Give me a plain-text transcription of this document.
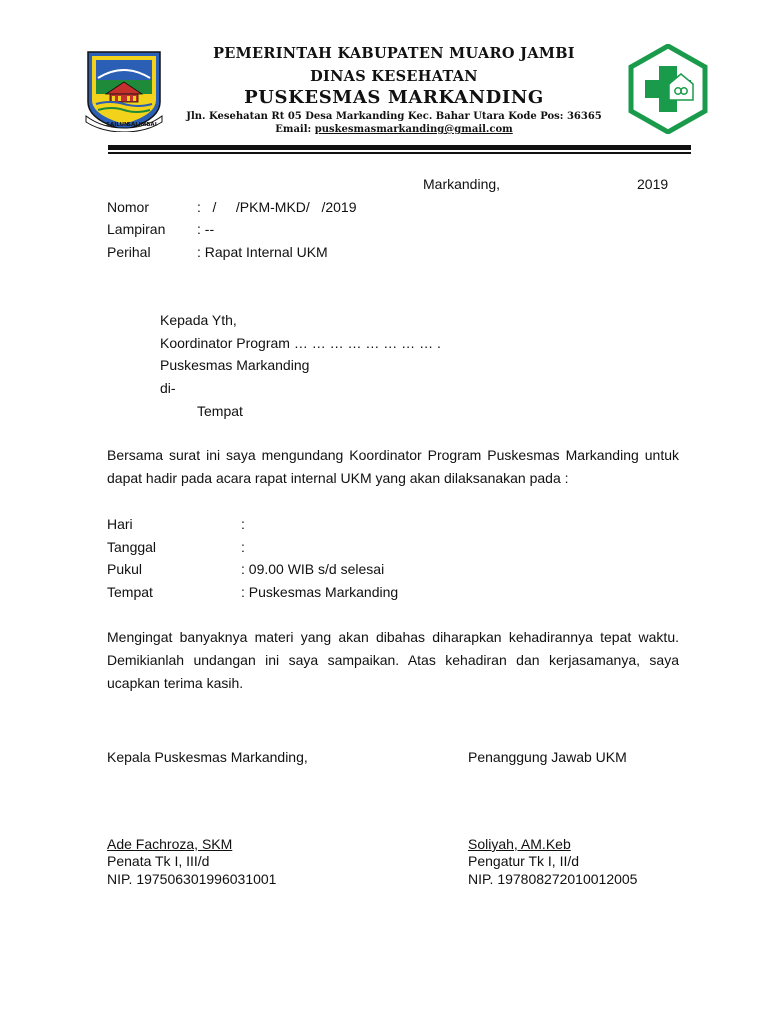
SAILUN
SALIMBAI
PEMERINTAH KABUPATEN MUARO JAMBI
DINAS KESEHATAN
PUSKESMAS MARKANDING
Jln. Kesehatan Rt 05 Desa Markanding Kec. Bahar Utara Kode Pos: 36365
Email: puskesmasmarkanding@gmail.com
Markanding,	2019
Nomor	:   /     /PKM-MKD/   /2019
Lampiran : --
Perihal	: Rapat Internal UKM
Kepada Yth,
Koordinator Program … … … … … … … … .
Puskesmas Markanding
di-
Tempat
Bersama surat ini saya mengundang Koordinator Program Puskesmas Markanding untuk dapat hadir pada acara rapat internal UKM yang akan dilaksanakan pada :
Hari	:
Tanggal	:
Pukul	: 09.00 WIB s/d selesai
Tempat	: Puskesmas Markanding
Mengingat banyaknya materi yang akan dibahas diharapkan kehadirannya tepat waktu. Demikianlah undangan ini saya sampaikan. Atas kehadiran dan kerjasamanya, saya ucapkan terima kasih.
Kepala Puskesmas Markanding,	Penanggung Jawab UKM
Ade Fachroza, SKM
Penata Tk I, III/d
NIP. 197506301996031001
Soliyah, AM.Keb
Pengatur Tk I, II/d
NIP. 197808272010012005
